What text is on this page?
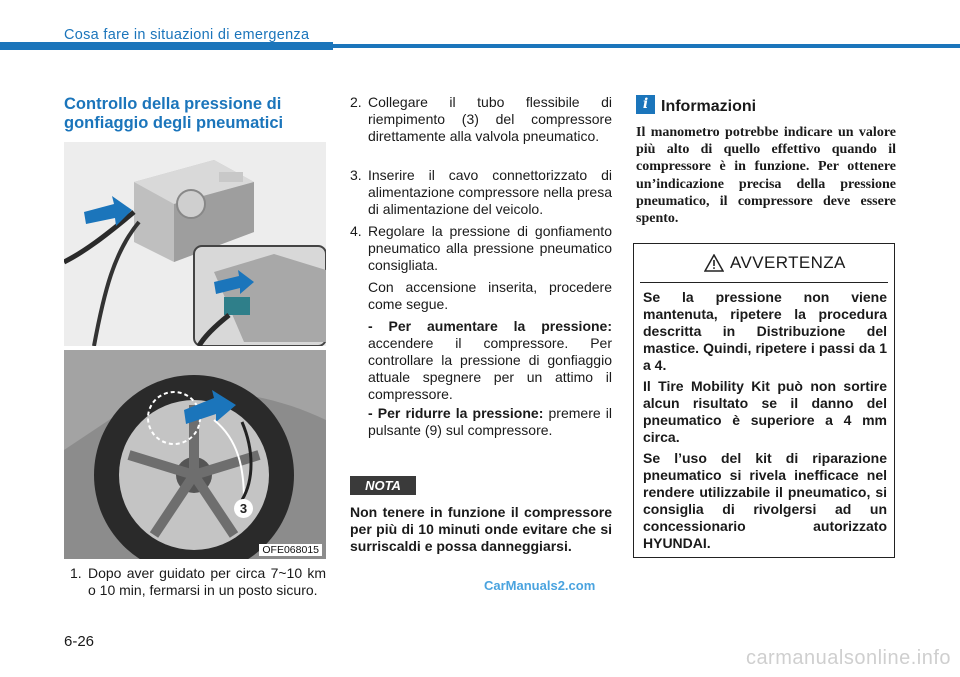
Cosa fare in situazioni di emergenza
Controllo della pressione di gonfiaggio degli pneumatici
OFE068015
3
1. Dopo aver guidato per circa 7~10 km o 10 min, fermarsi in un posto sicuro.
2. Collegare il tubo flessibile di riempimento (3) del compressore direttamente alla valvola pneumatico.
3. Inserire il cavo connettorizzato di alimentazione compressore nella presa di alimentazione del veicolo.
4. Regolare la pressione di gonfiamento pneumatico alla pressione pneumatico consigliata.
Con accensione inserita, procedere come segue.
- Per aumentare la pressione: accendere il compressore. Per controllare la pressione di gonfiaggio attuale spegnere per un attimo il compressore.
- Per ridurre la pressione: premere il pulsante (9) sul compressore.
NOTA
Non tenere in funzione il compressore per più di 10 minuti onde evitare che si surriscaldi e possa danneggiarsi.
CarManuals2.com
i Informazioni
Il manometro potrebbe indicare un valore più alto di quello effettivo quando il compressore è in funzione. Per ottenere un’indicazione precisa della pressione pneumatico, il compressore deve essere spento.
AVVERTENZA
Se la pressione non viene mantenuta, ripetere la procedura descritta in Distribuzione del mastice. Quindi, ripetere i passi da 1 a 4.
Il Tire Mobility Kit può non sortire alcun risultato se il danno del pneumatico è superiore a 4 mm circa.
Se l’uso del kit di riparazione pneumatico si rivela inefficace nel rendere utilizzabile il pneumatico, si consiglia di rivolgersi ad un concessionario autorizzato HYUNDAI.
6-26
carmanualsonline.info
